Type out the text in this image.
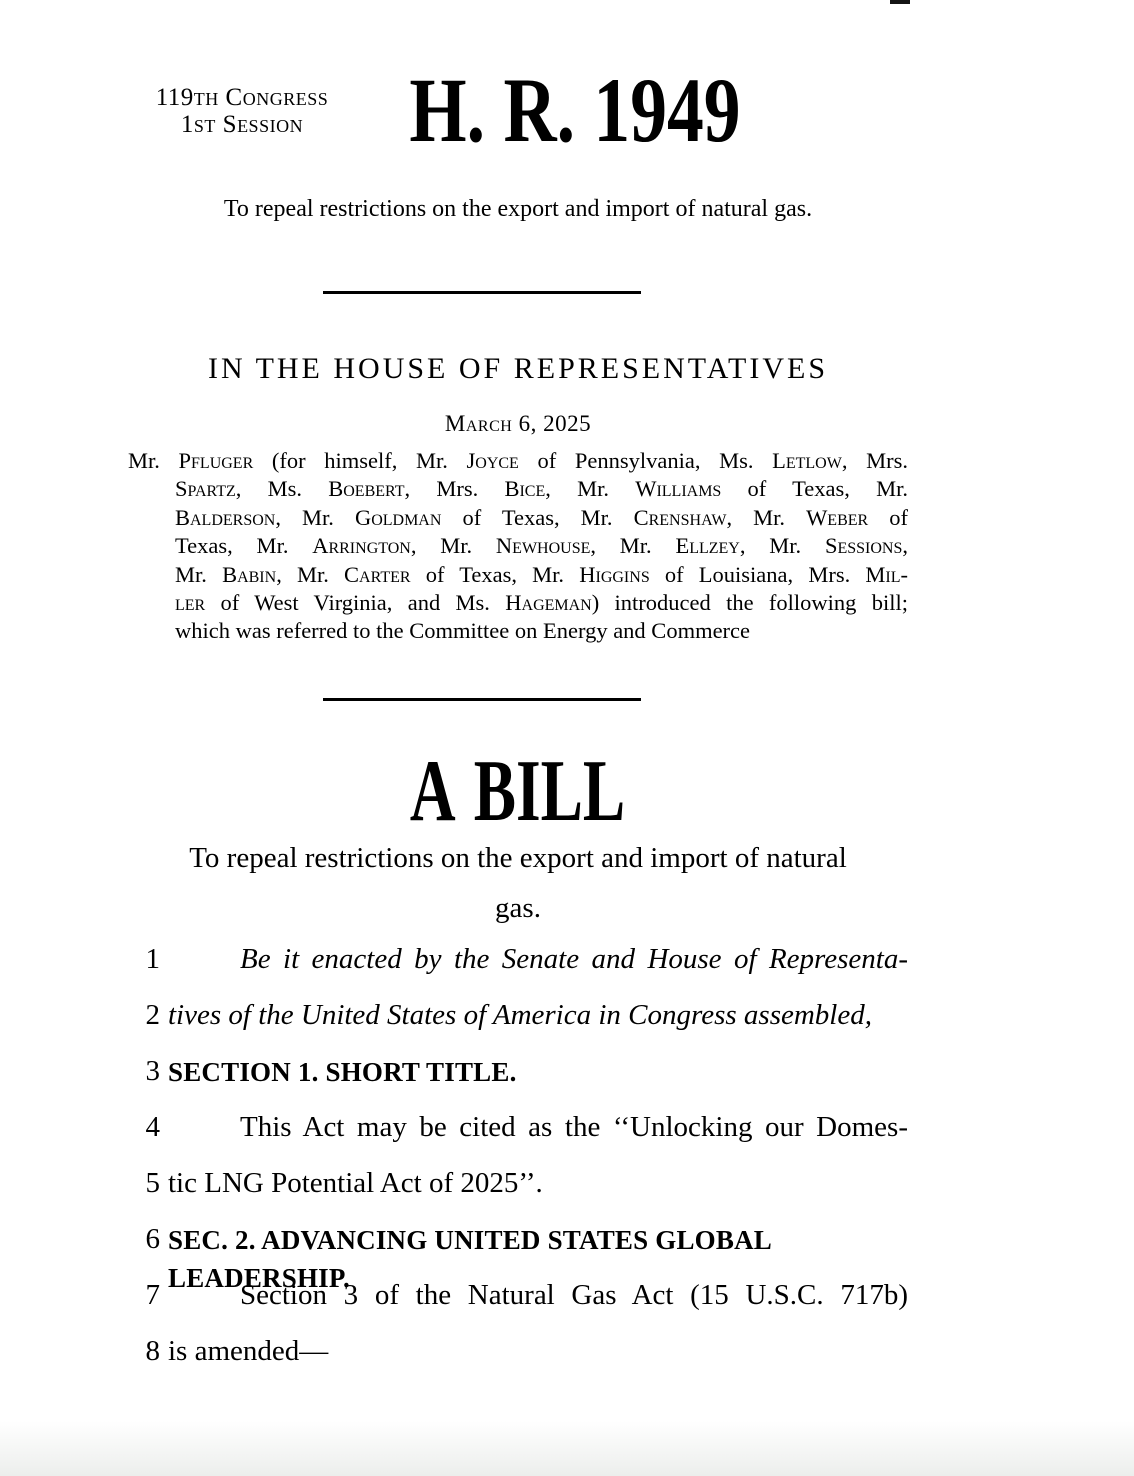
119th Congress
1st Session	H. R. 1949
To repeal restrictions on the export and import of natural gas.
IN THE HOUSE OF REPRESENTATIVES
March 6, 2025
Mr. Pfluger (for himself, Mr. Joyce of Pennsylvania, Ms. Letlow, Mrs.
Spartz, Ms. Boebert, Mrs. Bice, Mr. Williams of Texas, Mr.
Balderson, Mr. Goldman of Texas, Mr. Crenshaw, Mr. Weber of
Texas, Mr. Arrington, Mr. Newhouse, Mr. Ellzey, Mr. Sessions,
Mr. Babin, Mr. Carter of Texas, Mr. Higgins of Louisiana, Mrs. Mil-
ler of West Virginia, and Ms. Hageman) introduced the following bill;
which was referred to the Committee on Energy and Commerce
A BILL
To repeal restrictions on the export and import of natural
gas.
1	Be it enacted by the Senate and House of Representa-
2 tives of the United States of America in Congress assembled,
3 SECTION 1. SHORT TITLE.
4	This Act may be cited as the ‘‘Unlocking our Domes-
5 tic LNG Potential Act of 2025’’.
6 SEC. 2. ADVANCING UNITED STATES GLOBAL LEADERSHIP.
7	Section 3 of the Natural Gas Act (15 U.S.C. 717b)
8 is amended—
